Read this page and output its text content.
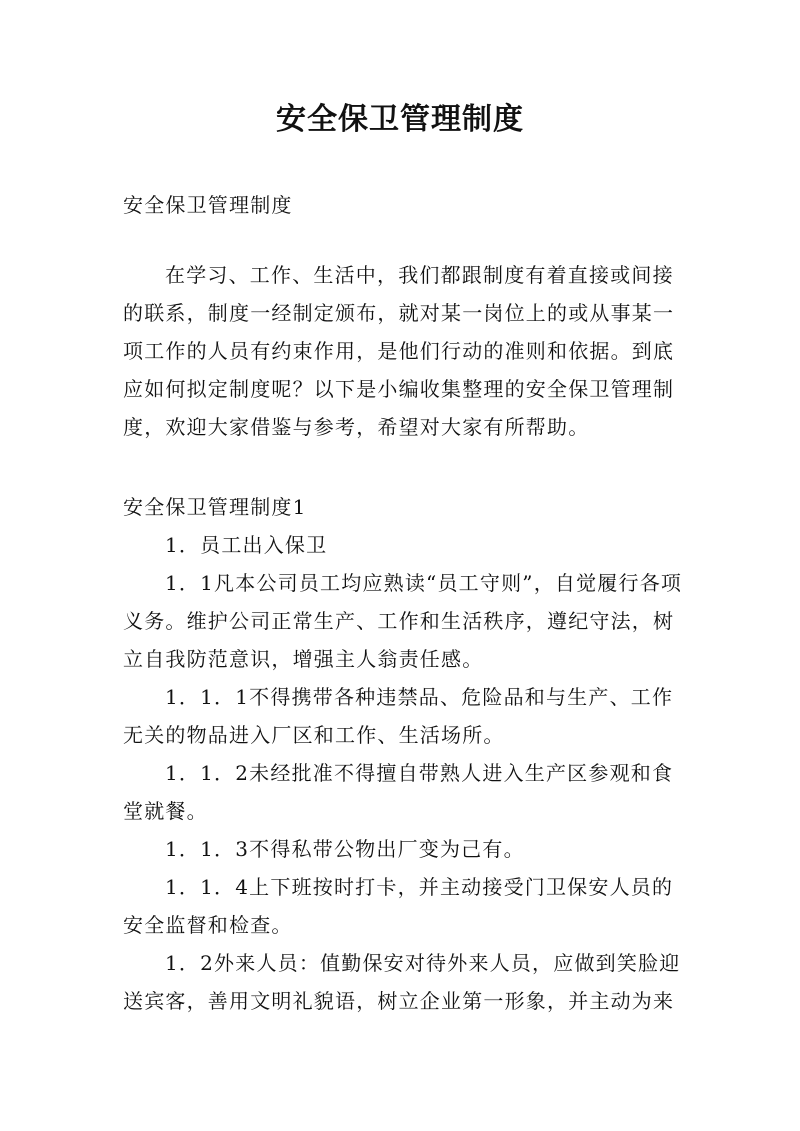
安全保卫管理制度
安全保卫管理制度
在学习、工作、生活中，我们都跟制度有着直接或间接的联系，制度一经制定颁布，就对某一岗位上的或从事某一项工作的人员有约束作用，是他们行动的准则和依据。到底应如何拟定制度呢？以下是小编收集整理的安全保卫管理制度，欢迎大家借鉴与参考，希望对大家有所帮助。
安全保卫管理制度1

1．员工出入保卫

1．1凡本公司员工均应熟读“员工守则”，自觉履行各项义务。维护公司正常生产、工作和生活秩序，遵纪守法，树立自我防范意识，增强主人翁责任感。

1．1．1不得携带各种违禁品、危险品和与生产、工作无关的物品进入厂区和工作、生活场所。

1．1．2未经批准不得擅自带熟人进入生产区参观和食堂就餐。

1．1．3不得私带公物出厂变为己有。

1．1．4上下班按时打卡，并主动接受门卫保安人员的安全监督和检查。

1．2外来人员：值勤保安对待外来人员，应做到笑脸迎送宾客，善用文明礼貌语，树立企业第一形象，并主动为来
